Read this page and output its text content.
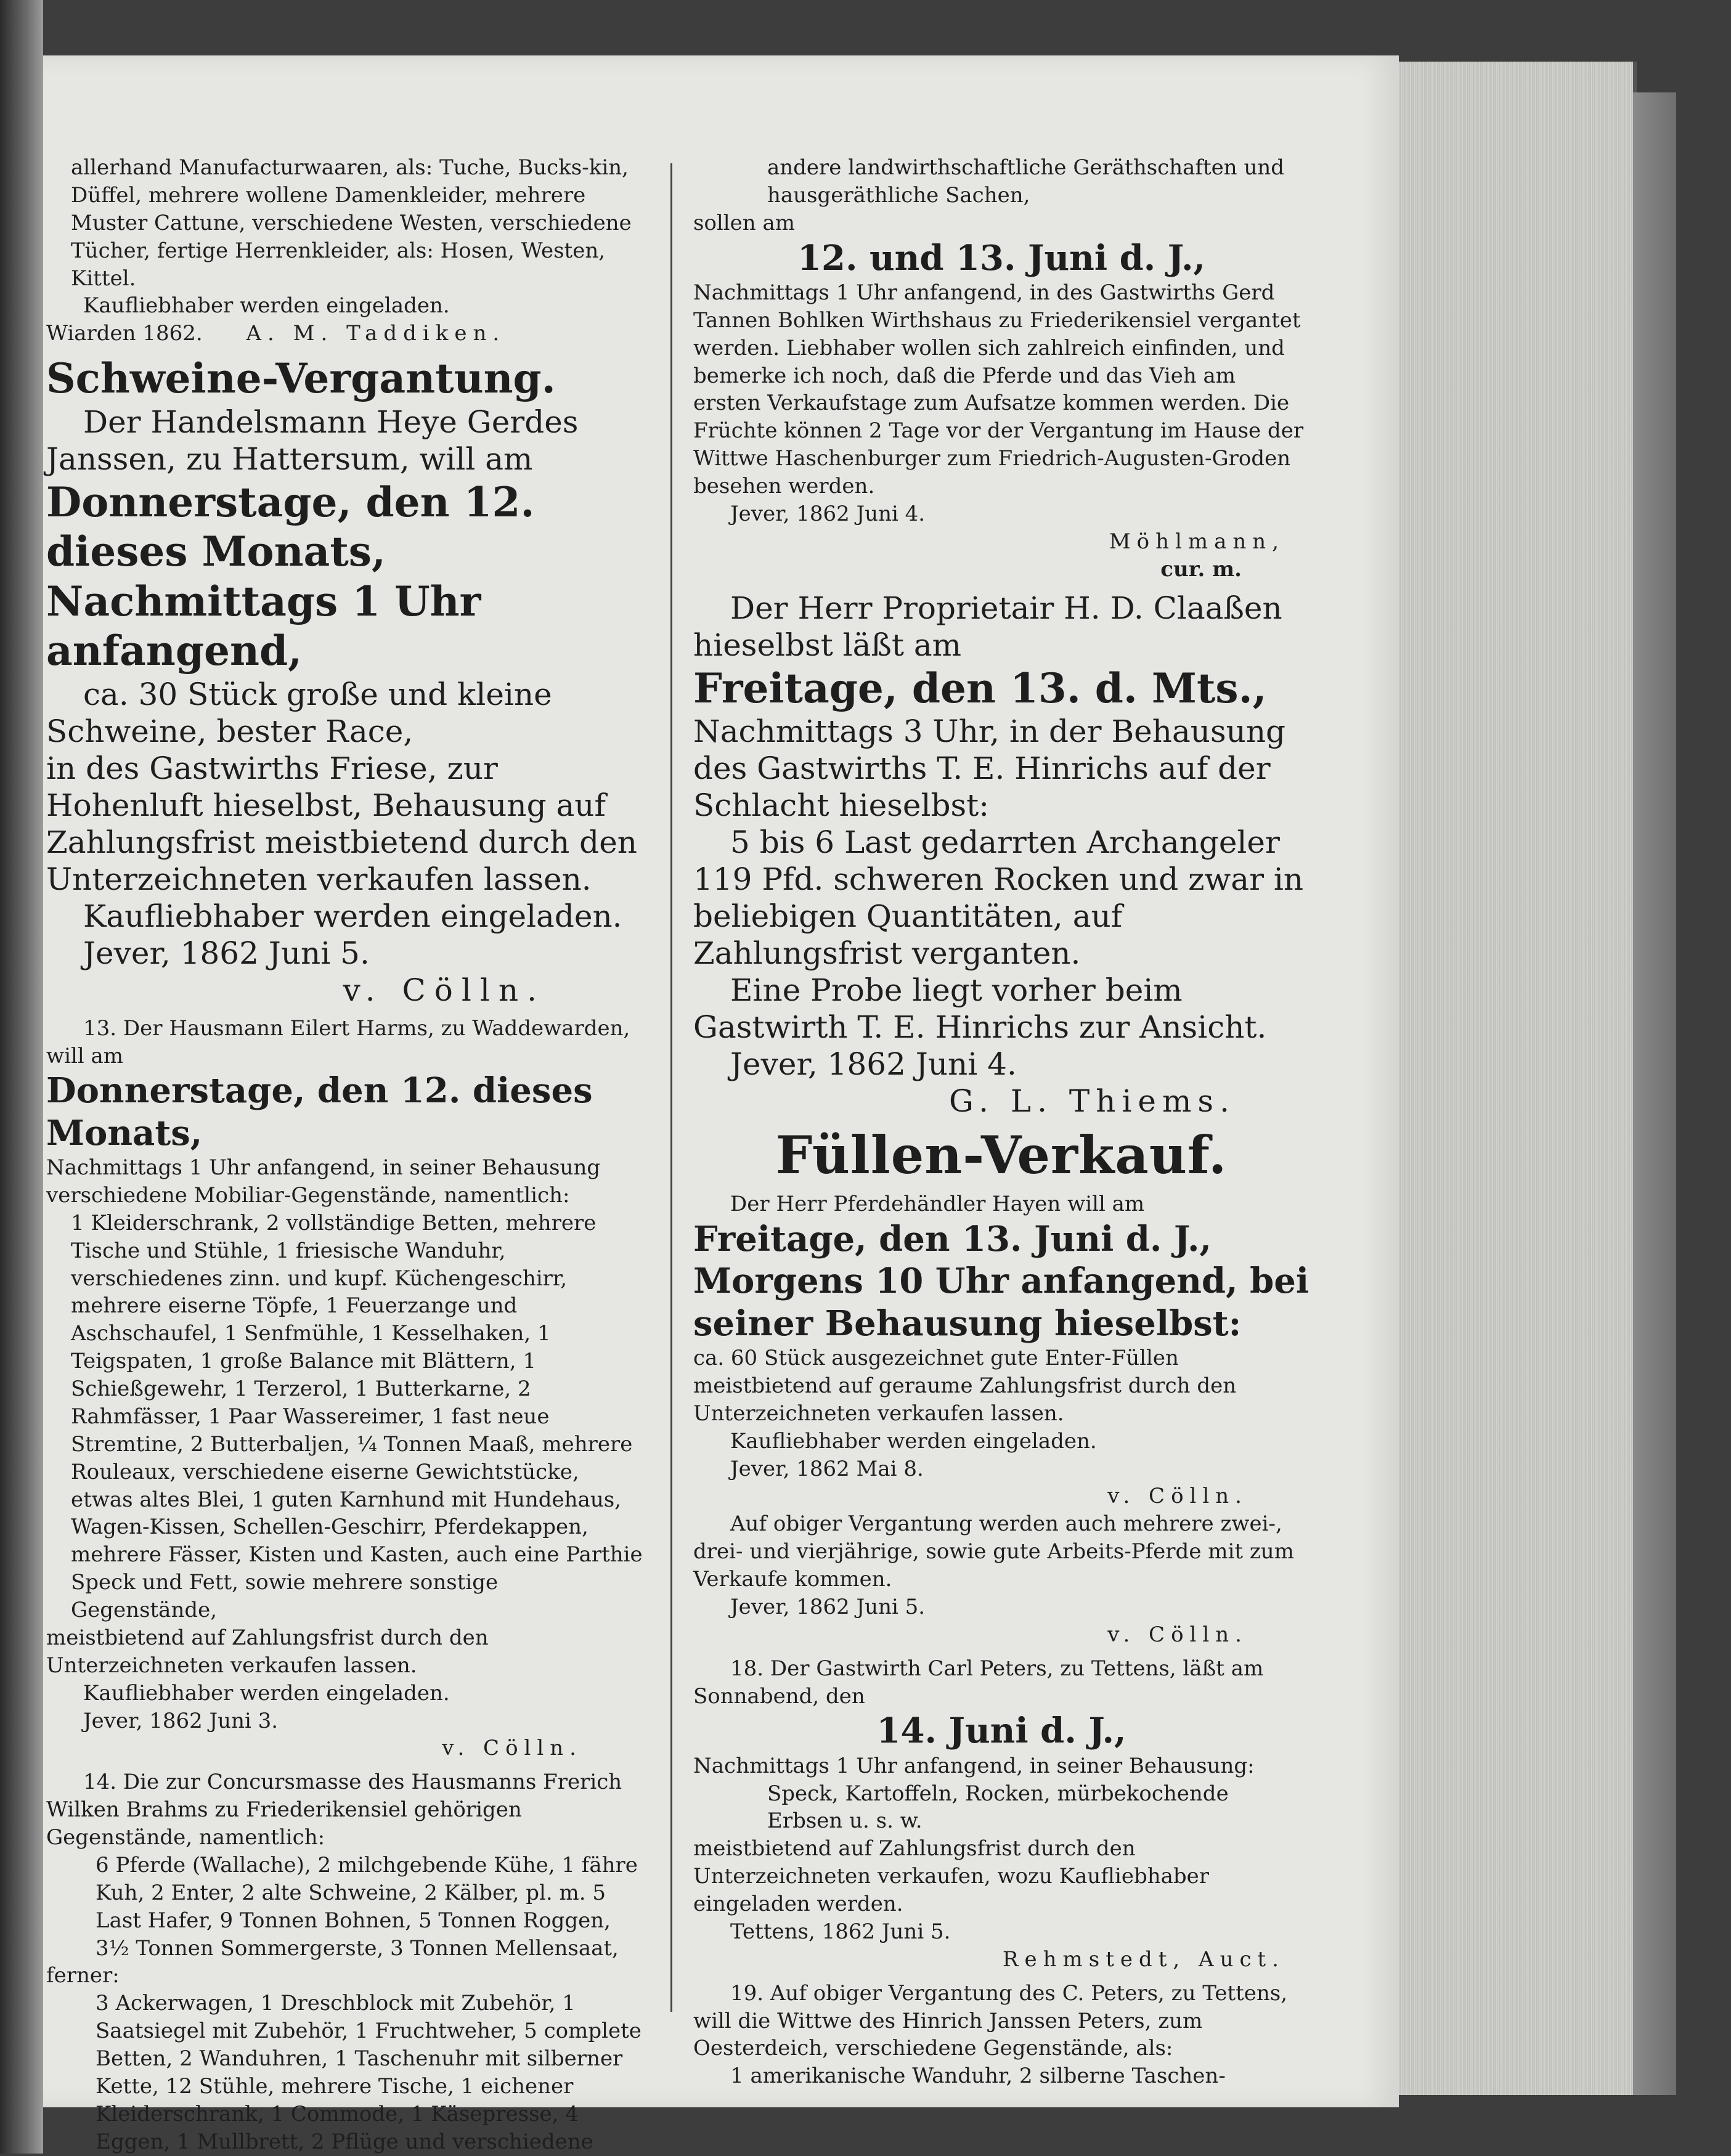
allerhand Manufacturwaaren, als: Tuche, Bucks-kin, Düffel, mehrere wollene Damenkleider, mehrere Muster Cattune, verschiedene Westen, verschiedene Tücher, fertige Herrenkleider, als: Hosen, Westen, Kittel.

Kaufliebhaber werden eingeladen.

Wiarden 1862. A. M. Taddiken.

Schweine-Vergantung.

Der Handelsmann Heye Gerdes Janssen, zu Hattersum, will am

Donnerstage, den 12. dieses Monats, Nachmittags 1 Uhr anfangend,

ca. 30 Stück große und kleine Schweine, bester Race,

in des Gastwirths Friese, zur Hohenluft hieselbst, Behausung auf Zahlungsfrist meistbietend durch den Unterzeichneten verkaufen lassen.

Kaufliebhaber werden eingeladen.

Jever, 1862 Juni 5.

v. Cölln.

13. Der Hausmann Eilert Harms, zu Waddewarden, will am

Donnerstage, den 12. dieses Monats,

Nachmittags 1 Uhr anfangend, in seiner Behausung verschiedene Mobiliar-Gegenstände, namentlich:

1 Kleiderschrank, 2 vollständige Betten, mehrere Tische und Stühle, 1 friesische Wanduhr, verschiedenes zinn. und kupf. Küchengeschirr, mehrere eiserne Töpfe, 1 Feuerzange und Aschschaufel, 1 Senfmühle, 1 Kesselhaken, 1 Teigspaten, 1 große Balance mit Blättern, 1 Schießgewehr, 1 Terzerol, 1 Butterkarne, 2 Rahmfässer, 1 Paar Wassereimer, 1 fast neue Stremtine, 2 Butterbaljen, ¼ Tonnen Maaß, mehrere Rouleaux, verschiedene eiserne Gewichtstücke, etwas altes Blei, 1 guten Karnhund mit Hundehaus, Wagen-Kissen, Schellen-Geschirr, Pferdekappen, mehrere Fässer, Kisten und Kasten, auch eine Parthie Speck und Fett, sowie mehrere sonstige Gegenstände,

meistbietend auf Zahlungsfrist durch den Unterzeichneten verkaufen lassen.

Kaufliebhaber werden eingeladen.

Jever, 1862 Juni 3.

v. Cölln.

14. Die zur Concursmasse des Hausmanns Frerich Wilken Brahms zu Friederikensiel gehörigen Gegenstände, namentlich:

6 Pferde (Wallache), 2 milchgebende Kühe, 1 fähre Kuh, 2 Enter, 2 alte Schweine, 2 Kälber, pl. m. 5 Last Hafer, 9 Tonnen Bohnen, 5 Tonnen Roggen, 3½ Tonnen Sommergerste, 3 Tonnen Mellensaat,

ferner:

3 Ackerwagen, 1 Dreschblock mit Zubehör, 1 Saatsiegel mit Zubehör, 1 Fruchtweher, 5 complete Betten, 2 Wanduhren, 1 Taschenuhr mit silberner Kette, 12 Stühle, mehrere Tische, 1 eichener Kleiderschrank, 1 Commode, 1 Käsepresse, 4 Eggen, 1 Mullbrett, 2 Pflüge und verschiedene

andere landwirthschaftliche Geräthschaften und hausgeräthliche Sachen,

sollen am

12. und 13. Juni d. J.,

Nachmittags 1 Uhr anfangend, in des Gastwirths Gerd Tannen Bohlken Wirthshaus zu Friederikensiel vergantet werden. Liebhaber wollen sich zahlreich einfinden, und bemerke ich noch, daß die Pferde und das Vieh am ersten Verkaufstage zum Aufsatze kommen werden. Die Früchte können 2 Tage vor der Vergantung im Hause der Wittwe Haschenburger zum Friedrich-Augusten-Groden besehen werden.

Jever, 1862 Juni 4.

Möhlmann,

cur. m.

Der Herr Proprietair H. D. Claaßen hieselbst läßt am

Freitage, den 13. d. Mts.,

Nachmittags 3 Uhr, in der Behausung des Gastwirths T. E. Hinrichs auf der Schlacht hieselbst:

5 bis 6 Last gedarrten Archangeler 119 Pfd. schweren Rocken und zwar in beliebigen Quantitäten, auf Zahlungsfrist verganten.

Eine Probe liegt vorher beim Gastwirth T. E. Hinrichs zur Ansicht.

Jever, 1862 Juni 4.

G. L. Thiems.

Füllen-Verkauf.

Der Herr Pferdehändler Hayen will am

Freitage, den 13. Juni d. J., Morgens 10 Uhr anfangend, bei seiner Behausung hieselbst:

ca. 60 Stück ausgezeichnet gute Enter-Füllen meistbietend auf geraume Zahlungsfrist durch den Unterzeichneten verkaufen lassen.

Kaufliebhaber werden eingeladen.

Jever, 1862 Mai 8.

v. Cölln.

Auf obiger Vergantung werden auch mehrere zwei-, drei- und vierjährige, sowie gute Arbeits-Pferde mit zum Verkaufe kommen.

Jever, 1862 Juni 5.

v. Cölln.

18. Der Gastwirth Carl Peters, zu Tettens, läßt am Sonnabend, den

14. Juni d. J.,

Nachmittags 1 Uhr anfangend, in seiner Behausung:

Speck, Kartoffeln, Rocken, mürbekochende Erbsen u. s. w.

meistbietend auf Zahlungsfrist durch den Unterzeichneten verkaufen, wozu Kaufliebhaber eingeladen werden.

Tettens, 1862 Juni 5.

Rehmstedt, Auct.

19. Auf obiger Vergantung des C. Peters, zu Tettens, will die Wittwe des Hinrich Janssen Peters, zum Oesterdeich, verschiedene Gegenstände, als:

1 amerikanische Wanduhr, 2 silberne Taschen-
